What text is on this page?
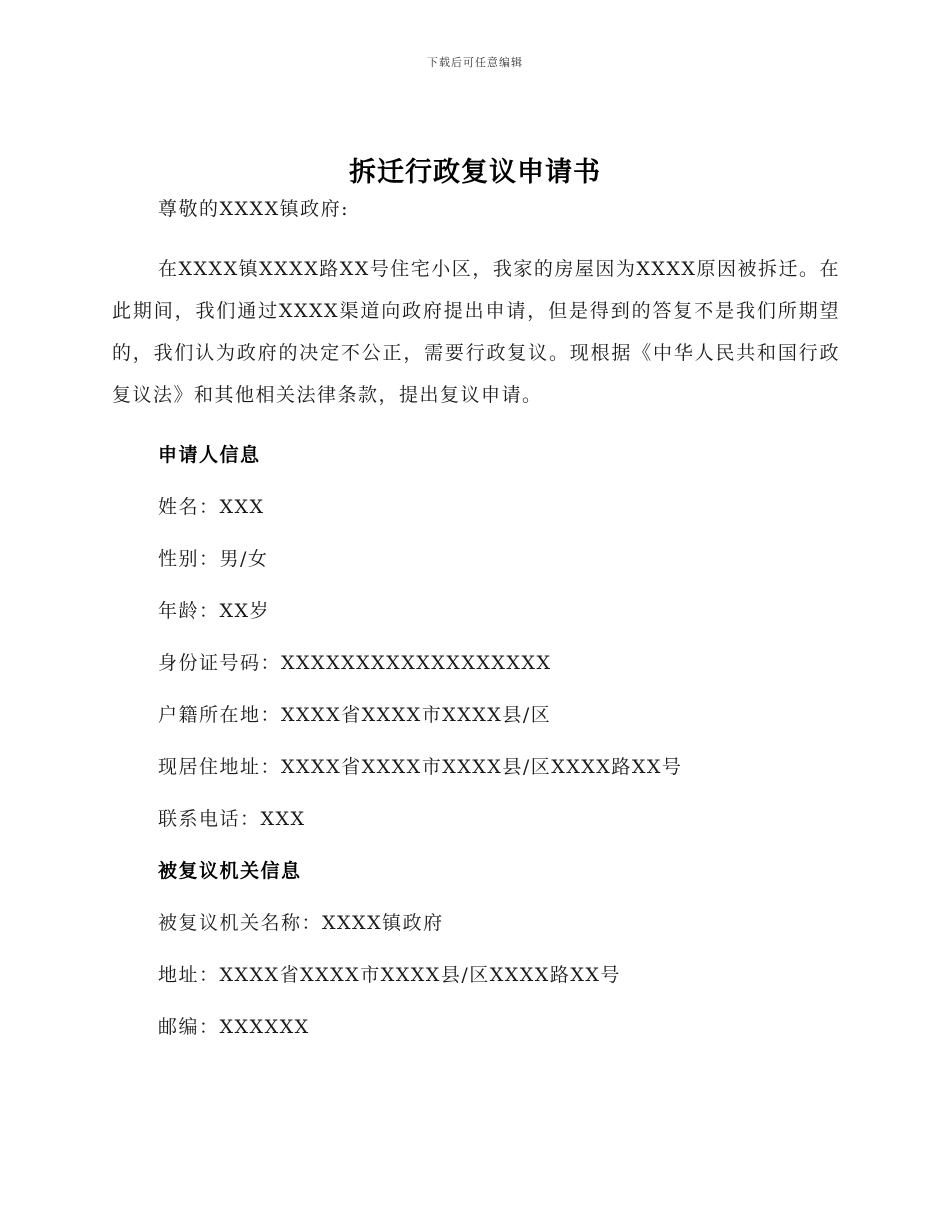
下载后可任意编辑
拆迁行政复议申请书

尊敬的XXXX镇政府:

在XXXX镇XXXX路XX号住宅小区，我家的房屋因为XXXX原因被拆迁。在此期间，我们通过XXXX渠道向政府提出申请，但是得到的答复不是我们所期望的，我们认为政府的决定不公正，需要行政复议。现根据《中华人民共和国行政复议法》和其他相关法律条款，提出复议申请。

申请人信息

姓名：XXX

性别：男/女

年龄：XX岁

身份证号码：XXXXXXXXXXXXXXXXXX

户籍所在地：XXXX省XXXX市XXXX县/区

现居住地址：XXXX省XXXX市XXXX县/区XXXX路XX号

联系电话：XXX

被复议机关信息

被复议机关名称：XXXX镇政府

地址：XXXX省XXXX市XXXX县/区XXXX路XX号

邮编：XXXXXX
